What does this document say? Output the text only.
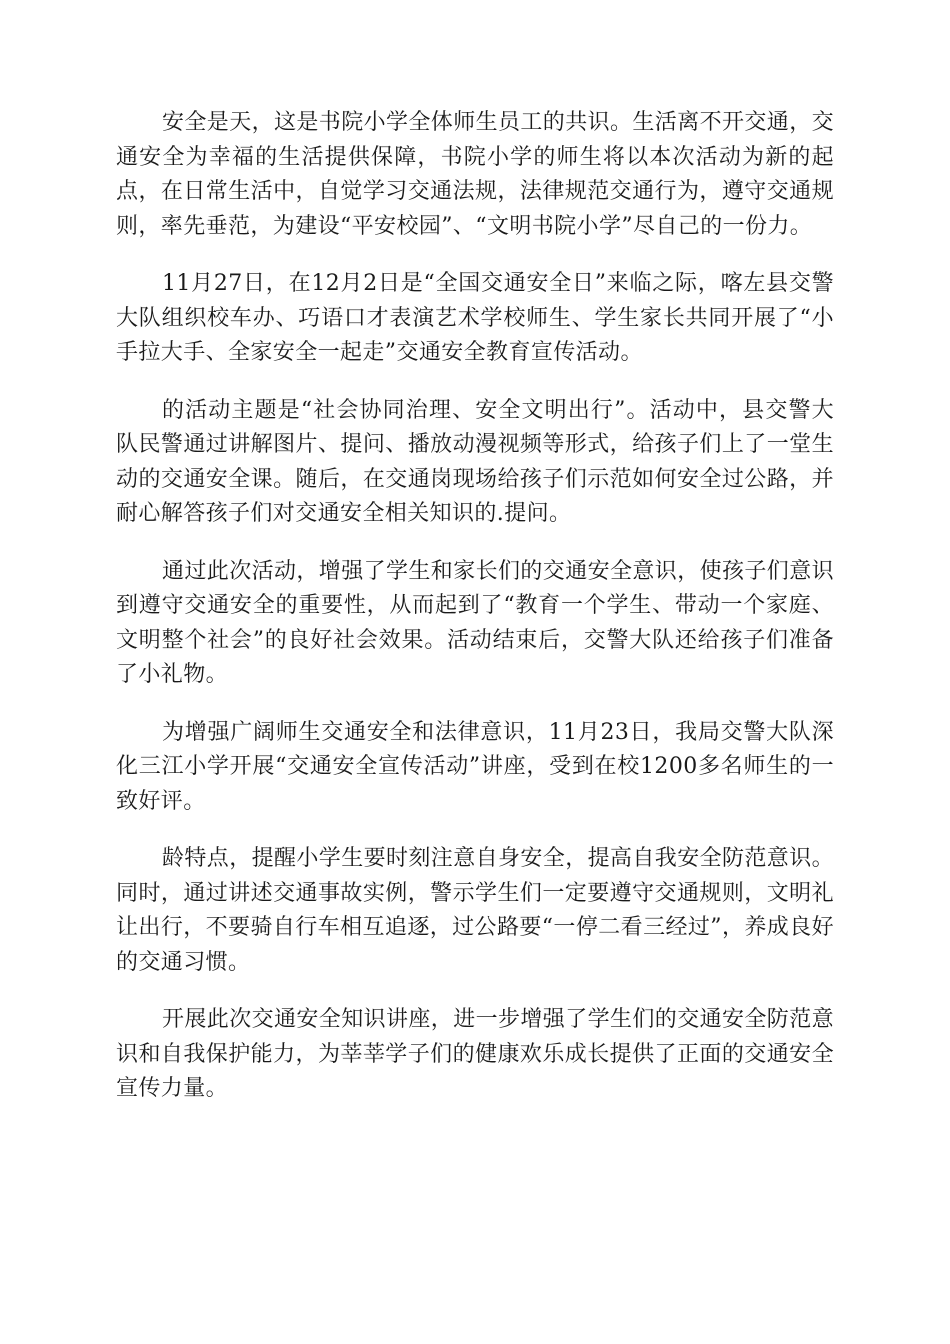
安全是天，这是书院小学全体师生员工的共识。生活离不开交通，交通安全为幸福的生活提供保障，书院小学的师生将以本次活动为新的起点，在日常生活中，自觉学习交通法规，法律规范交通行为，遵守交通规则，率先垂范，为建设“平安校园”、“文明书院小学”尽自己的一份力。

11月27日，在12月2日是“全国交通安全日”来临之际，喀左县交警大队组织校车办、巧语口才表演艺术学校师生、学生家长共同开展了“小手拉大手、全家安全一起走”交通安全教育宣传活动。

的活动主题是“社会协同治理、安全文明出行”。活动中，县交警大队民警通过讲解图片、提问、播放动漫视频等形式，给孩子们上了一堂生动的交通安全课。随后，在交通岗现场给孩子们示范如何安全过公路，并耐心解答孩子们对交通安全相关知识的.提问。

通过此次活动，增强了学生和家长们的交通安全意识，使孩子们意识到遵守交通安全的重要性，从而起到了“教育一个学生、带动一个家庭、文明整个社会”的良好社会效果。活动结束后，交警大队还给孩子们准备了小礼物。

为增强广阔师生交通安全和法律意识，11月23日，我局交警大队深化三江小学开展“交通安全宣传活动”讲座，受到在校1200多名师生的一致好评。

龄特点，提醒小学生要时刻注意自身安全，提高自我安全防范意识。同时，通过讲述交通事故实例，警示学生们一定要遵守交通规则，文明礼让出行，不要骑自行车相互追逐，过公路要“一停二看三经过”，养成良好的交通习惯。

开展此次交通安全知识讲座，进一步增强了学生们的交通安全防范意识和自我保护能力，为莘莘学子们的健康欢乐成长提供了正面的交通安全宣传力量。
